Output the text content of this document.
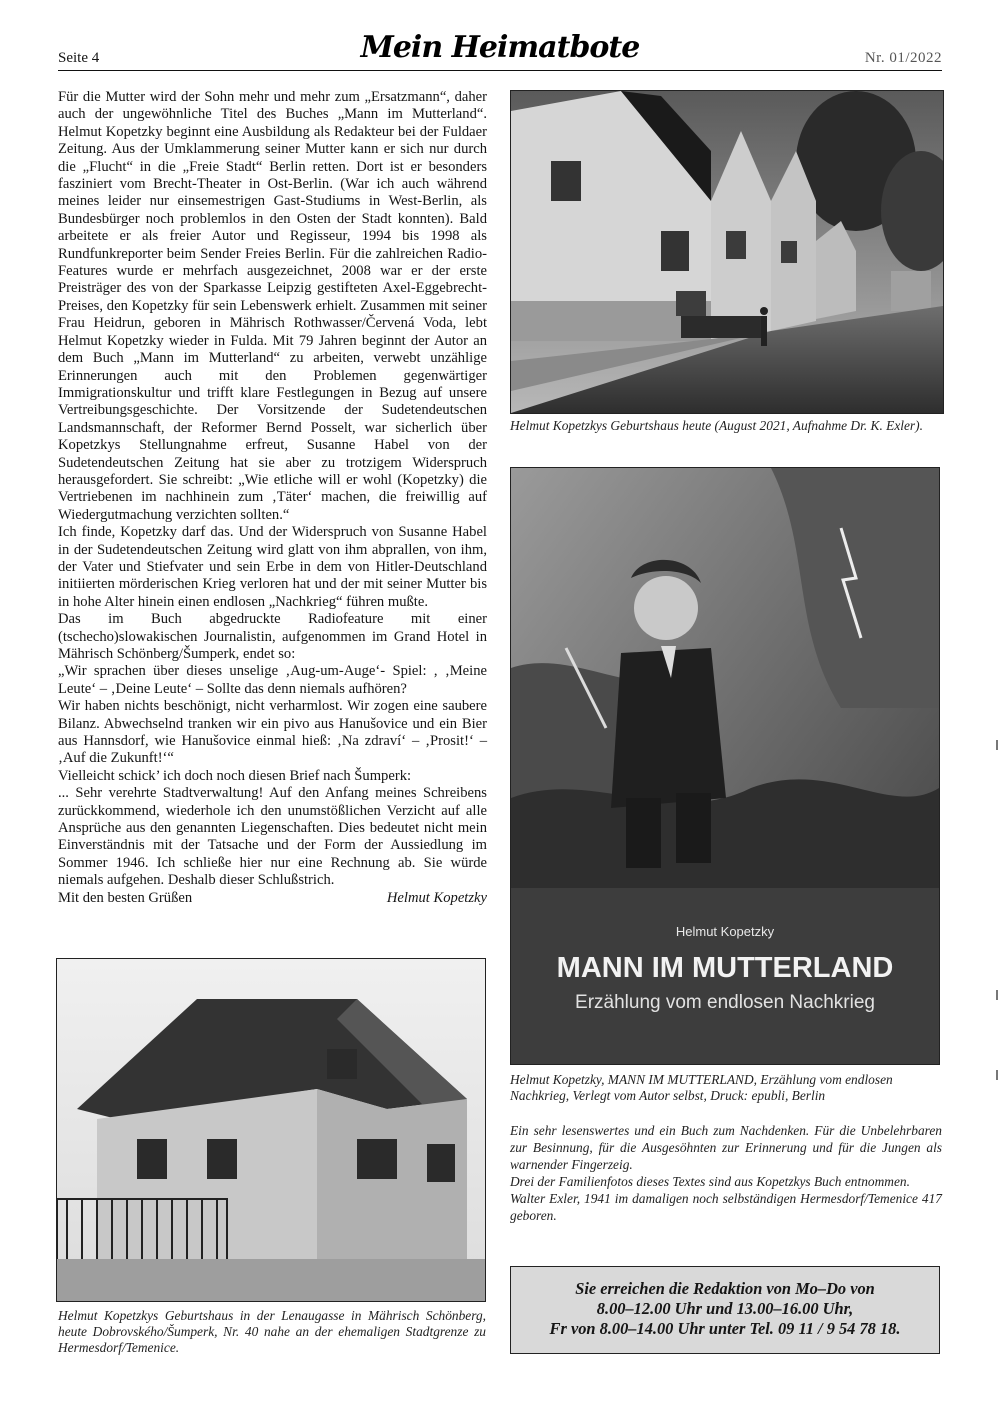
Seite 4	Mein Heimatbote	Nr. 01/2022

Für die Mutter wird der Sohn mehr und mehr zum „Ersatzmann“, daher auch der ungewöhnliche Titel des Buches „Mann im Mutterland“. Helmut Kopetzky beginnt eine Ausbildung als Redakteur bei der Fuldaer Zeitung. Aus der Umklammerung seiner Mutter kann er sich nur durch die „Flucht“ in die „Freie Stadt“ Berlin retten. Dort ist er besonders fasziniert vom Brecht-Theater in Ost-Berlin. (War ich auch während meines leider nur einsemestrigen Gast-Studiums in West-Berlin, als Bundesbürger noch problemlos in den Osten der Stadt konnten). Bald arbeitete er als freier Autor und Regisseur, 1994 bis 1998 als Rundfunkreporter beim Sender Freies Berlin. Für die zahlreichen Radio-Features wurde er mehrfach ausgezeichnet, 2008 war er der erste Preisträger des von der Sparkasse Leipzig gestifteten Axel-Eggebrecht-Preises, den Kopetzky für sein Lebenswerk erhielt. Zusammen mit seiner Frau Heidrun, geboren in Mährisch Rothwasser/Červená Voda, lebt Helmut Kopetzky wieder in Fulda. Mit 79 Jahren beginnt der Autor an dem Buch „Mann im Mutterland“ zu arbeiten, verwebt unzählige Erinnerungen auch mit den Problemen gegenwärtiger Immigrationskultur und trifft klare Festlegungen in Bezug auf unsere Vertreibungsgeschichte. Der Vorsitzende der Sudetendeutschen Landsmannschaft, der Reformer Bernd Posselt, war sicherlich über Kopetzkys Stellungnahme erfreut, Susanne Habel von der Sudetendeutschen Zeitung hat sie aber zu trotzigem Widerspruch herausgefordert. Sie schreibt: „Wie etliche will er wohl (Kopetzky) die Vertriebenen im nachhinein zum ‚Täter‘ machen, die freiwillig auf Wiedergutmachung verzichten sollten.“

Ich finde, Kopetzky darf das. Und der Widerspruch von Susanne Habel in der Sudetendeutschen Zeitung wird glatt von ihm abprallen, von ihm, der Vater und Stiefvater und sein Erbe in dem von Hitler-Deutschland initiierten mörderischen Krieg verloren hat und der mit seiner Mutter bis in hohe Alter hinein einen endlosen „Nachkrieg“ führen mußte.

Das im Buch abgedruckte Radiofeature mit einer (tschecho)slowakischen Journalistin, aufgenommen im Grand Hotel in Mährisch Schönberg/Šumperk, endet so:

„Wir sprachen über dieses unselige ‚Aug-um-Auge‘- Spiel: , ‚Meine Leute‘ – ‚Deine Leute‘ – Sollte das denn niemals aufhören?

Wir haben nichts beschönigt, nicht verharmlost. Wir zogen eine saubere Bilanz. Abwechselnd tranken wir ein pivo aus Hanušovice und ein Bier aus Hannsdorf, wie Hanušovice einmal hieß: ‚Na zdraví‘ – ‚Prosit!‘ – ‚Auf die Zukunft!‘“

Vielleicht schick’ ich doch noch diesen Brief nach Šumperk:

... Sehr verehrte Stadtverwaltung! Auf den Anfang meines Schreibens zurückkommend, wiederhole ich den unumstößlichen Verzicht auf alle Ansprüche aus den genannten Liegenschaften. Dies bedeutet nicht mein Einverständnis mit der Tatsache und der Form der Aussiedlung im Sommer 1946. Ich schließe hier nur eine Rechnung ab. Sie würde niemals aufgehen. Deshalb dieser Schlußstrich.

Mit den besten Grüßen	Helmut Kopetzky
Helmut Kopetzkys Geburtshaus heute (August 2021, Aufnahme Dr. K. Exler).
Helmut Kopetzky
MANN IM MUTTERLAND
Erzählung vom endlosen Nachkrieg
Helmut Kopetzky, MANN IM MUTTERLAND, Erzählung vom endlosen Nachkrieg, Verlegt vom Autor selbst, Druck: epubli, Berlin

Ein sehr lesenswertes und ein Buch zum Nachdenken. Für die Unbelehrbaren zur Besinnung, für die Ausgesöhnten zur Erinnerung und für die Jungen als warnender Fingerzeig.

Drei der Familienfotos dieses Textes sind aus Kopetzkys Buch entnommen.

Walter Exler, 1941 im damaligen noch selbständigen Hermesdorf/Temenice 417 geboren.

Sie erreichen die Redaktion von Mo–Do von
8.00–12.00 Uhr und 13.00–16.00 Uhr,
Fr von 8.00–14.00 Uhr unter Tel. 09 11 / 9 54 78 18.
Helmut Kopetzkys Geburtshaus in der Lenaugasse in Mährisch Schönberg, heute Dobrovského/Šumperk, Nr. 40 nahe an der ehemaligen Stadtgrenze zu Hermesdorf/Temenice.
